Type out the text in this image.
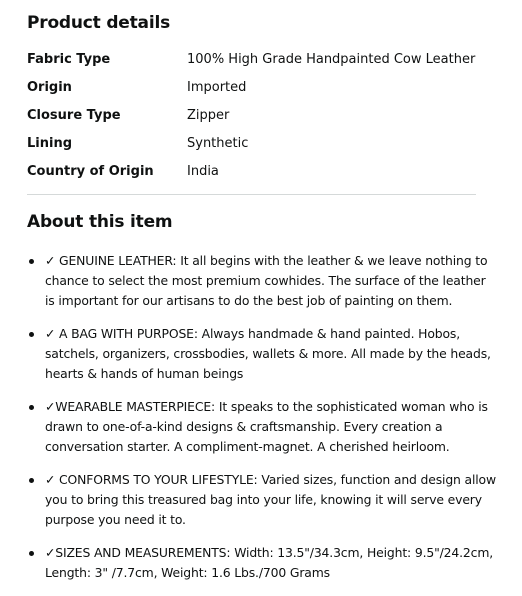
Product details
Fabric Type	100% High Grade Handpainted Cow Leather
Origin	Imported
Closure Type	Zipper
Lining	Synthetic
Country of Origin	India
About this item
✓ GENUINE LEATHER: It all begins with the leather & we leave nothing to chance to select the most premium cowhides. The surface of the leather is important for our artisans to do the best job of painting on them.
✓ A BAG WITH PURPOSE: Always handmade & hand painted. Hobos, satchels, organizers, crossbodies, wallets & more. All made by the heads, hearts & hands of human beings
✓WEARABLE MASTERPIECE: It speaks to the sophisticated woman who is drawn to one-of-a-kind designs & craftsmanship. Every creation a conversation starter. A compliment-magnet. A cherished heirloom.
✓ CONFORMS TO YOUR LIFESTYLE: Varied sizes, function and design allow you to bring this treasured bag into your life, knowing it will serve every purpose you need it to.
✓SIZES AND MEASUREMENTS: Width: 13.5"/34.3cm, Height: 9.5"/24.2cm, Length: 3" /7.7cm, Weight: 1.6 Lbs./700 Grams
